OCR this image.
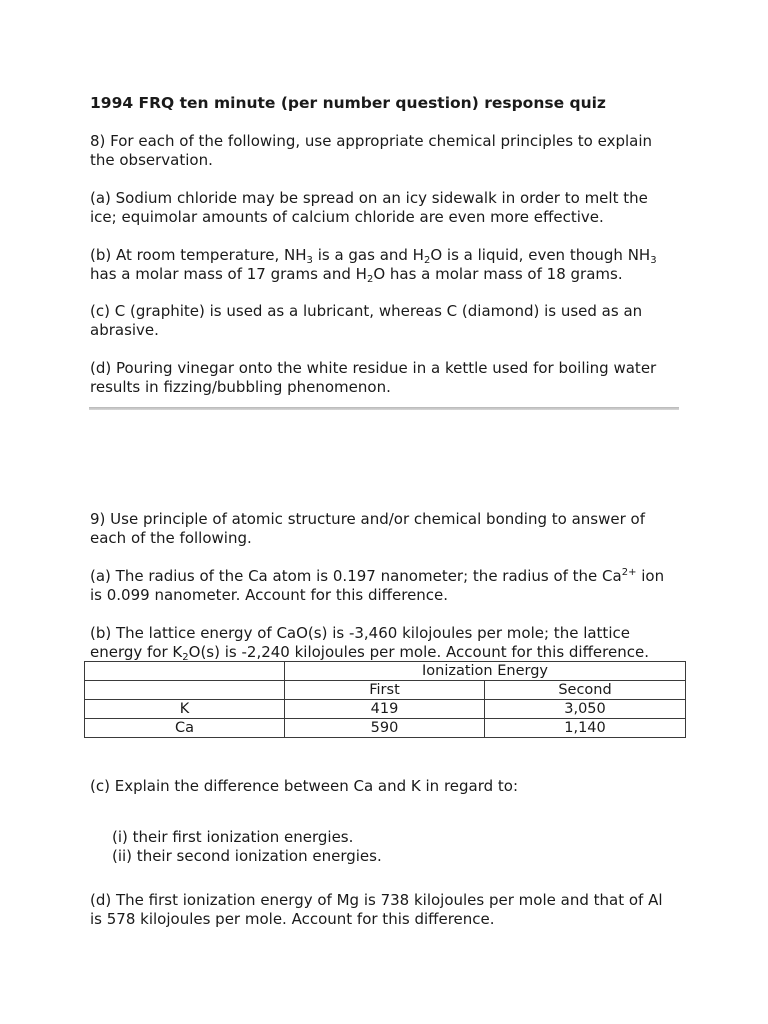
1994 FRQ ten minute (per number question) response quiz
8) For each of the following, use appropriate chemical principles to explain
the observation.
(a) Sodium chloride may be spread on an icy sidewalk in order to melt the
ice; equimolar amounts of calcium chloride are even more effective.
(b) At room temperature, $NH_3$ is a gas and $H_2O$ is a liquid, even though $NH_3$
has a molar mass of 17 grams and $H_2O$ has a molar mass of 18 grams.
(c) C (graphite) is used as a lubricant, whereas C (diamond) is used as an
abrasive.
(d) Pouring vinegar onto the white residue in a kettle used for boiling water
results in fizzing/bubbling phenomenon.
9) Use principle of atomic structure and/or chemical bonding to answer of
each of the following.
(a) The radius of the Ca atom is 0.197 nanometer; the radius of the $Ca^{2+}$ ion
is 0.099 nanometer. Account for this difference.
(b) The lattice energy of CaO(s) is -3,460 kilojoules per mole; the lattice
energy for $K_2O(s)$ is -2,240 kilojoules per mole. Account for this difference.
	Ionization Energy	
	First	Second
K	419	3,050
Ca	590	1,140
(c) Explain the difference between Ca and K in regard to:
(i) their first ionization energies.
(ii) their second ionization energies.
(d) The first ionization energy of Mg is 738 kilojoules per mole and that of Al
is 578 kilojoules per mole. Account for this difference.
